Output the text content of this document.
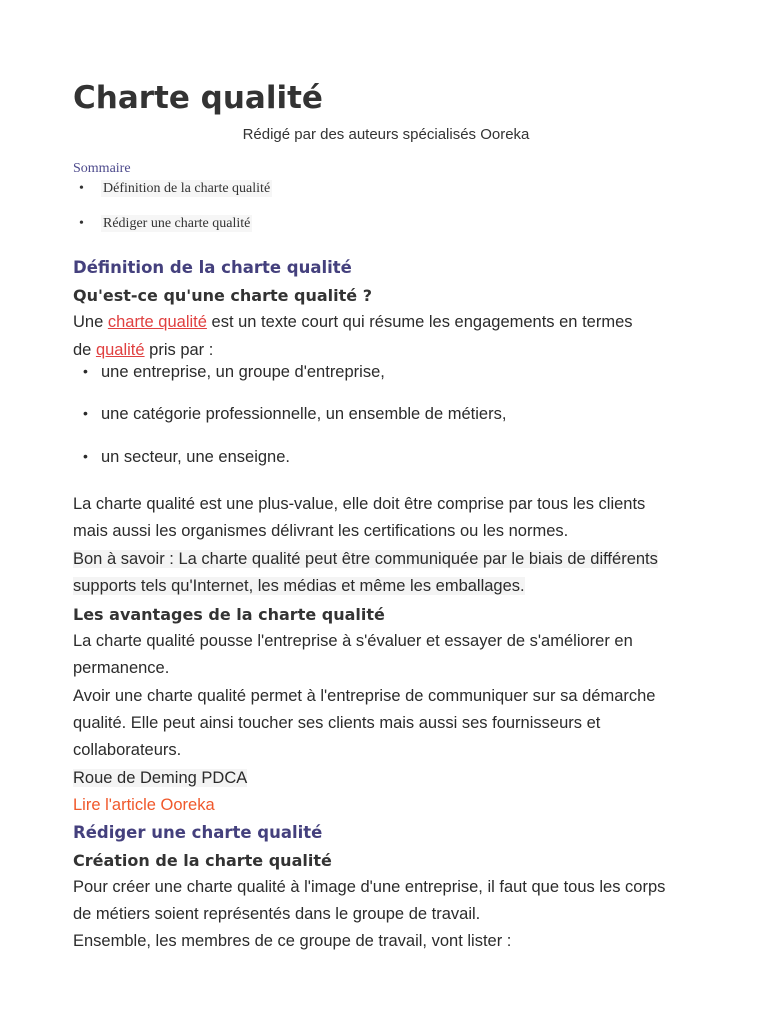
Charte qualité
Rédigé par des auteurs spécialisés Ooreka
Sommaire
• Définition de la charte qualité
• Rédiger une charte qualité
Définition de la charte qualité
Qu'est-ce qu'une charte qualité ?

Une charte qualité est un texte court qui résume les engagements en termes

de qualité pris par :

• une entreprise, un groupe d'entreprise,
• une catégorie professionnelle, un ensemble de métiers,
• un secteur, une enseigne.

La charte qualité est une plus-value, elle doit être comprise par tous les clients

mais aussi les organismes délivrant les certifications ou les normes.

Bon à savoir : La charte qualité peut être communiquée par le biais de différents

supports tels qu'Internet, les médias et même les emballages.

Les avantages de la charte qualité

La charte qualité pousse l'entreprise à s'évaluer et essayer de s'améliorer en

permanence.

Avoir une charte qualité permet à l'entreprise de communiquer sur sa démarche

qualité. Elle peut ainsi toucher ses clients mais aussi ses fournisseurs et

collaborateurs.

Roue de Deming PDCA

Lire l'article Ooreka

Rédiger une charte qualité
Création de la charte qualité

Pour créer une charte qualité à l'image d'une entreprise, il faut que tous les corps

de métiers soient représentés dans le groupe de travail.

Ensemble, les membres de ce groupe de travail, vont lister :
